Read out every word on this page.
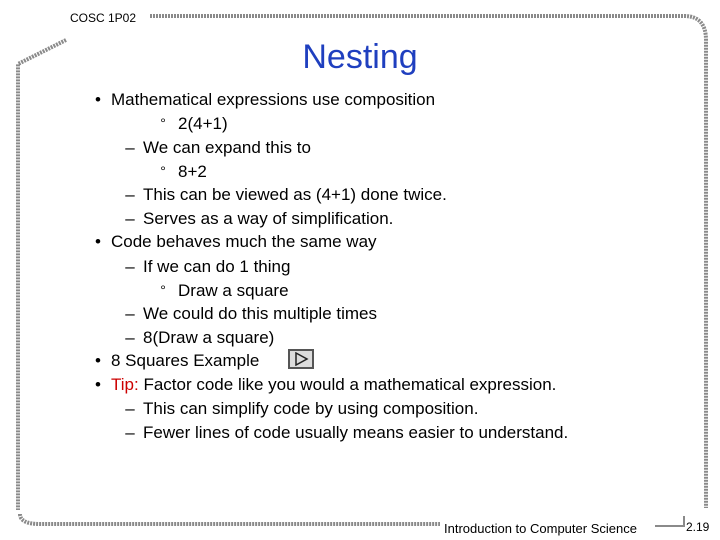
COSC 1P02
Nesting
• Mathematical expressions use composition
° 2(4+1)
– We can expand this to
° 8+2
– This can be viewed as (4+1) done twice.
– Serves as a way of simplification.
• Code behaves much the same way
– If we can do 1 thing
° Draw a square
– We could do this multiple times
– 8(Draw a square)
• 8 Squares Example
• Tip: Factor code like you would a mathematical expression.
– This can simplify code by using composition.
– Fewer lines of code usually means easier to understand.
Introduction to Computer Science	2.19
